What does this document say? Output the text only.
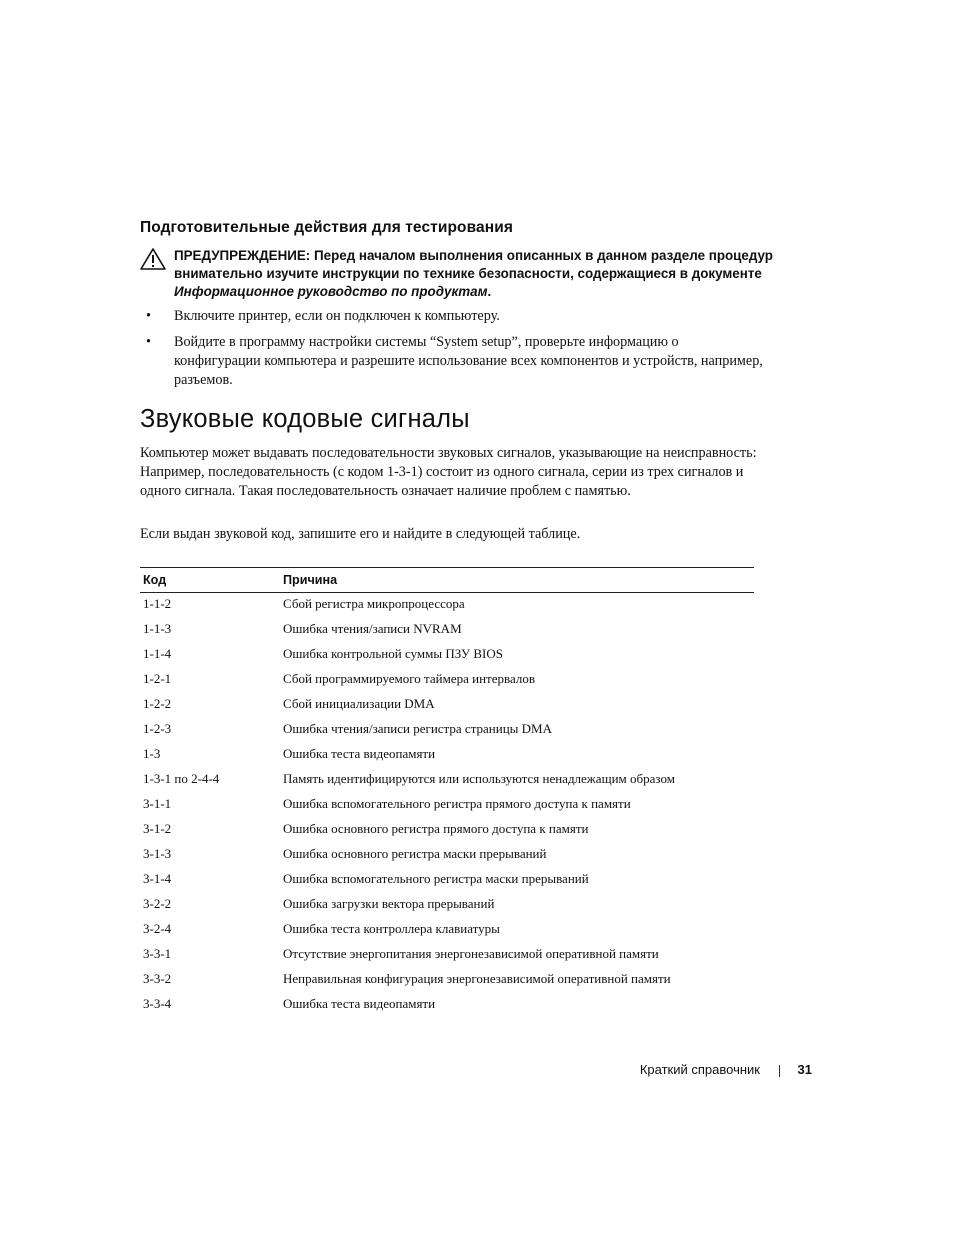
Подготовительные действия для тестирования
ПРЕДУПРЕЖДЕНИЕ: Перед началом выполнения описанных в данном разделе процедур внимательно изучите инструкции по технике безопасности, содержащиеся в документе Информационное руководство по продуктам.
• Включите принтер, если он подключен к компьютеру.
• Войдите в программу настройки системы “System setup”, проверьте информацию о конфигурации компьютера и разрешите использование всех компонентов и устройств, например, разъемов.
Звуковые кодовые сигналы
Компьютер может выдавать последовательности звуковых сигналов, указывающие на неисправность: Например, последовательность (с кодом 1-3-1) состоит из одного сигнала, серии из трех сигналов и одного сигнала. Такая последовательность означает наличие проблем с памятью.
Если выдан звуковой код, запишите его и найдите в следующей таблице.
Код	Причина
1-1-2	Сбой регистра микропроцессора
1-1-3	Ошибка чтения/записи NVRAM
1-1-4	Ошибка контрольной суммы ПЗУ BIOS
1-2-1	Сбой программируемого таймера интервалов
1-2-2	Сбой инициализации DMA
1-2-3	Ошибка чтения/записи регистра страницы DMA
1-3	Ошибка теста видеопамяти
1-3-1 по 2-4-4	Память идентифицируются или используются ненадлежащим образом
3-1-1	Ошибка вспомогательного регистра прямого доступа к памяти
3-1-2	Ошибка основного регистра прямого доступа к памяти
3-1-3	Ошибка основного регистра маски прерываний
3-1-4	Ошибка вспомогательного регистра маски прерываний
3-2-2	Ошибка загрузки вектора прерываний
3-2-4	Ошибка теста контроллера клавиатуры
3-3-1	Отсутствие энергопитания энергонезависимой оперативной памяти
3-3-2	Неправильная конфигурация энергонезависимой оперативной памяти
3-3-4	Ошибка теста видеопамяти
Краткий справочник	31
